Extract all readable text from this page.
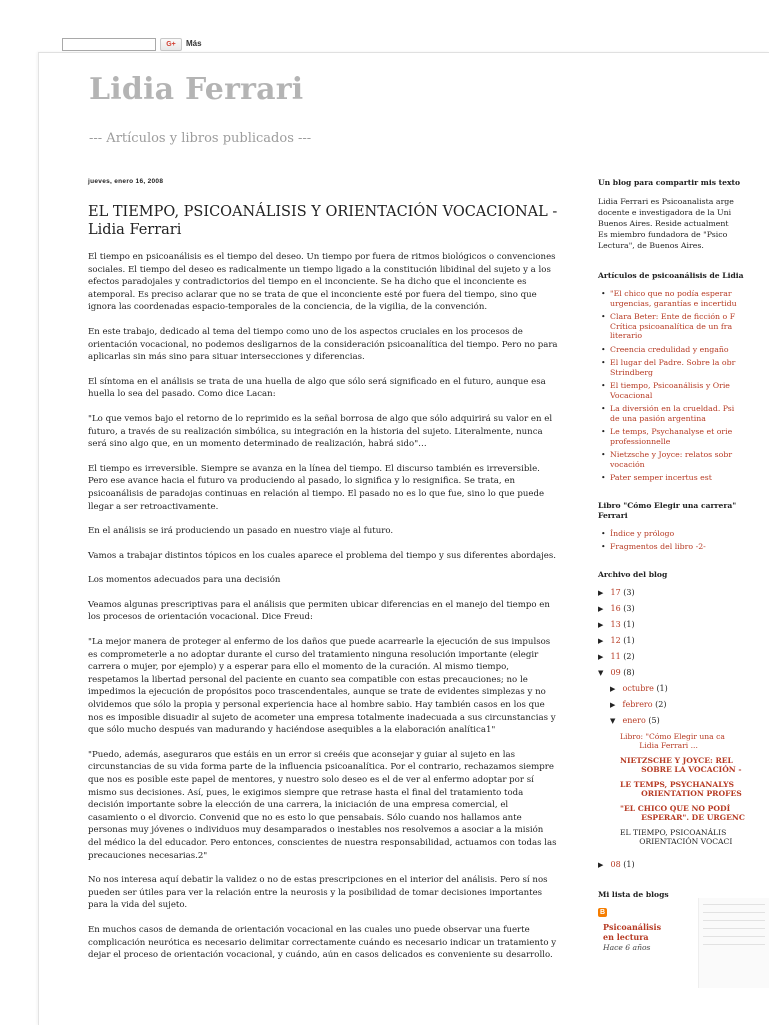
G+	Más
Lidia Ferrari
--- Artículos y libros publicados ---
jueves, enero 16, 2008
EL TIEMPO, PSICOANÁLISIS Y ORIENTACIÓN VOCACIONAL - Lidia Ferrari

El tiempo en psicoanálisis es el tiempo del deseo. Un tiempo por fuera de ritmos biológicos o convenciones sociales. El tiempo del deseo es radicalmente un tiempo ligado a la constitución libidinal del sujeto y a los efectos paradojales y contradictorios del tiempo en el inconciente. Se ha dicho que el inconciente es atemporal. Es preciso aclarar que no se trata de que el inconciente esté por fuera del tiempo, sino que ignora las coordenadas espacio-temporales de la conciencia, de la vigilia, de la convención.

En este trabajo, dedicado al tema del tiempo como uno de los aspectos cruciales en los procesos de orientación vocacional, no podemos desligarnos de la consideración psicoanalítica del tiempo. Pero no para aplicarlas sin más sino para situar intersecciones y diferencias.

El síntoma en el análisis se trata de una huella de algo que sólo será significado en el futuro, aunque esa huella lo sea del pasado. Como dice Lacan:

"Lo que vemos bajo el retorno de lo reprimido es la señal borrosa de algo que sólo adquirirá su valor en el futuro, a través de su realización simbólica, su integración en la historia del sujeto. Literalmente, nunca será sino algo que, en un momento determinado de realización, habrá sido"…

El tiempo es irreversible. Siempre se avanza en la línea del tiempo. El discurso también es irreversible. Pero ese avance hacia el futuro va produciendo al pasado, lo significa y lo resignifica. Se trata, en psicoanálisis de paradojas continuas en relación al tiempo. El pasado no es lo que fue, sino lo que puede llegar a ser retroactivamente.

En el análisis se irá produciendo un pasado en nuestro viaje al futuro.

Vamos a trabajar distintos tópicos en los cuales aparece el problema del tiempo y sus diferentes abordajes.

Los momentos adecuados para una decisión

Veamos algunas prescriptivas para el análisis que permiten ubicar diferencias en el manejo del tiempo en los procesos de orientación vocacional. Dice Freud:

"La mejor manera de proteger al enfermo de los daños que puede acarrearle la ejecución de sus impulsos es comprometerle a no adoptar durante el curso del tratamiento ninguna resolución importante (elegir carrera o mujer, por ejemplo) y a esperar para ello el momento de la curación. Al mismo tiempo, respetamos la libertad personal del paciente en cuanto sea compatible con estas precauciones; no le impedimos la ejecución de propósitos poco trascendentales, aunque se trate de evidentes simplezas y no olvidemos que sólo la propia y personal experiencia hace al hombre sabio. Hay también casos en los que nos es imposible disuadir al sujeto de acometer una empresa totalmente inadecuada a sus circunstancias y que sólo mucho después van madurando y haciéndose asequibles a la elaboración analítica1"

"Puedo, además, aseguraros que estáis en un error si creéis que aconsejar y guiar al sujeto en las circunstancias de su vida forma parte de la influencia psicoanalítica. Por el contrario, rechazamos siempre que nos es posible este papel de mentores, y nuestro solo deseo es el de ver al enfermo adoptar por sí mismo sus decisiones. Así, pues, le exigimos siempre que retrase hasta el final del tratamiento toda decisión importante sobre la elección de una carrera, la iniciación de una empresa comercial, el casamiento o el divorcio. Convenid que no es esto lo que pensabais. Sólo cuando nos hallamos ante personas muy jóvenes o individuos muy desamparados o inestables nos resolvemos a asociar a la misión del médico la del educador. Pero entonces, conscientes de nuestra responsabilidad, actuamos con todas las precauciones necesarias.2"

No nos interesa aquí debatir la validez o no de estas prescripciones en el interior del análisis. Pero sí nos pueden ser útiles para ver la relación entre la neurosis y la posibilidad de tomar decisiones importantes para la vida del sujeto.

En muchos casos de demanda de orientación vocacional en las cuales uno puede observar una fuerte complicación neurótica es necesario delimitar correctamente cuándo es necesario indicar un tratamiento y dejar el proceso de orientación vocacional, y cuándo, aún en casos delicados es conveniente su desarrollo.

Un blog para compartir mis texto
Lidia Ferrari es Psicoanalista arge
docente e investigadora de la Uni
Buenos Aires. Reside actualment
Es miembro fundadora de "Psico
Lectura", de Buenos Aires.
Artículos de psicoanálisis de Lidia
• "El chico que no podía esperar
urgencias, garantías e incertidu
• Clara Beter: Ente de ficción o F
Crítica psicoanalítica de un fra
literario
• Creencia credulidad y engaño
• El lugar del Padre. Sobre la obr
Strindberg
• El tiempo, Psicoanálisis y Orie
Vocacional
• La diversión en la crueldad. Psi
de una pasión argentina
• Le temps, Psychanalyse et orie
professionnelle
• Nietzsche y Joyce: relatos sobr
vocación
• Pater semper incertus est
Libro "Cómo Elegir una carrera"
Ferrari
• Índice y prólogo
• Fragmentos del libro -2-
Archivo del blog
▶ 17 (3)
▶ 16 (3)
▶ 13 (1)
▶ 12 (1)
▶ 11 (2)
▼ 09 (8)
▶ octubre (1)
▶ febrero (2)
▼ enero (5)
Libro: "Cómo Elegir una ca
Lidia Ferrari ...
NIETZSCHE Y JOYCE: REL
SOBRE LA VOCACIÓN -
LE TEMPS, PSYCHANALYS
ORIENTATION PROFES
"EL CHICO QUE NO PODÍ
ESPERAR". DE URGENC
EL TIEMPO, PSICOANÁLIS
ORIENTACIÓN VOCACI
▶ 08 (1)
Mi lista de blogs
B
Psicoanálisis
en lectura
Hace 6 años
